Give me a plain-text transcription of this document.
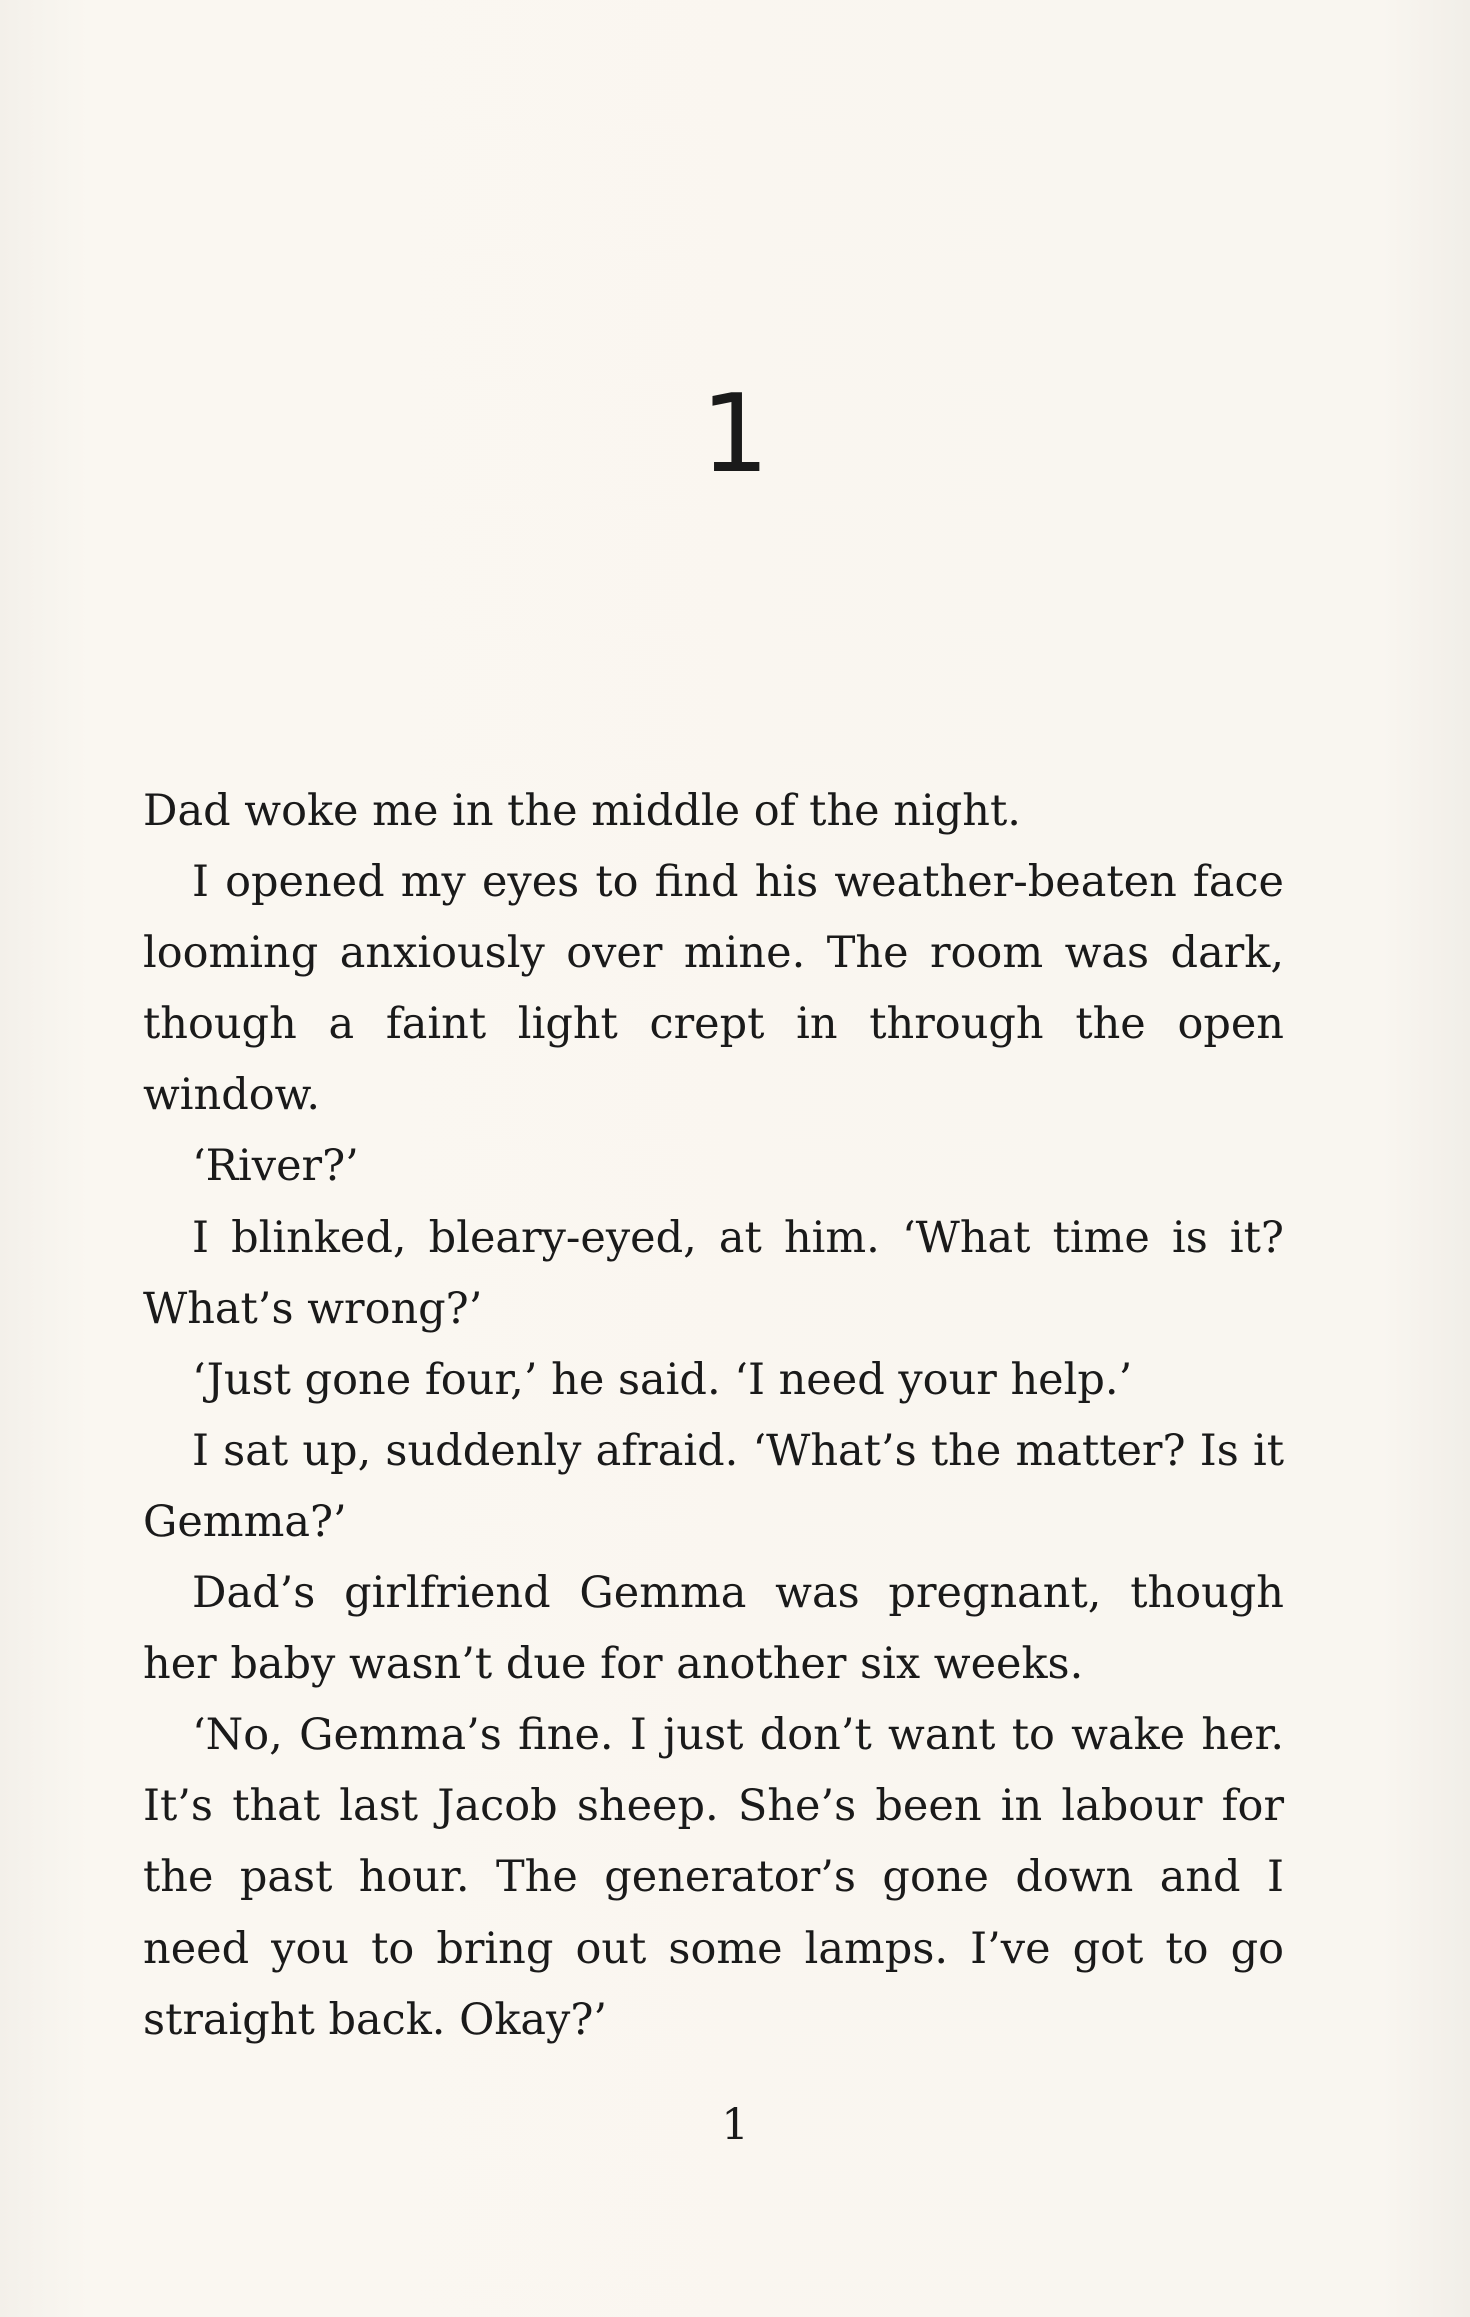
1

Dad woke me in the middle of the night.

I opened my eyes to find his weather-beaten face looming anxiously over mine. The room was dark, though a faint light crept in through the open window.

‘River?’

I blinked, bleary-eyed, at him. ‘What time is it? What’s wrong?’

‘Just gone four,’ he said. ‘I need your help.’

I sat up, suddenly afraid. ‘What’s the matter? Is it Gemma?’

Dad’s girlfriend Gemma was pregnant, though her baby wasn’t due for another six weeks.

‘No, Gemma’s fine. I just don’t want to wake her. It’s that last Jacob sheep. She’s been in labour for the past hour. The generator’s gone down and I need you to bring out some lamps. I’ve got to go straight back. Okay?’

1
